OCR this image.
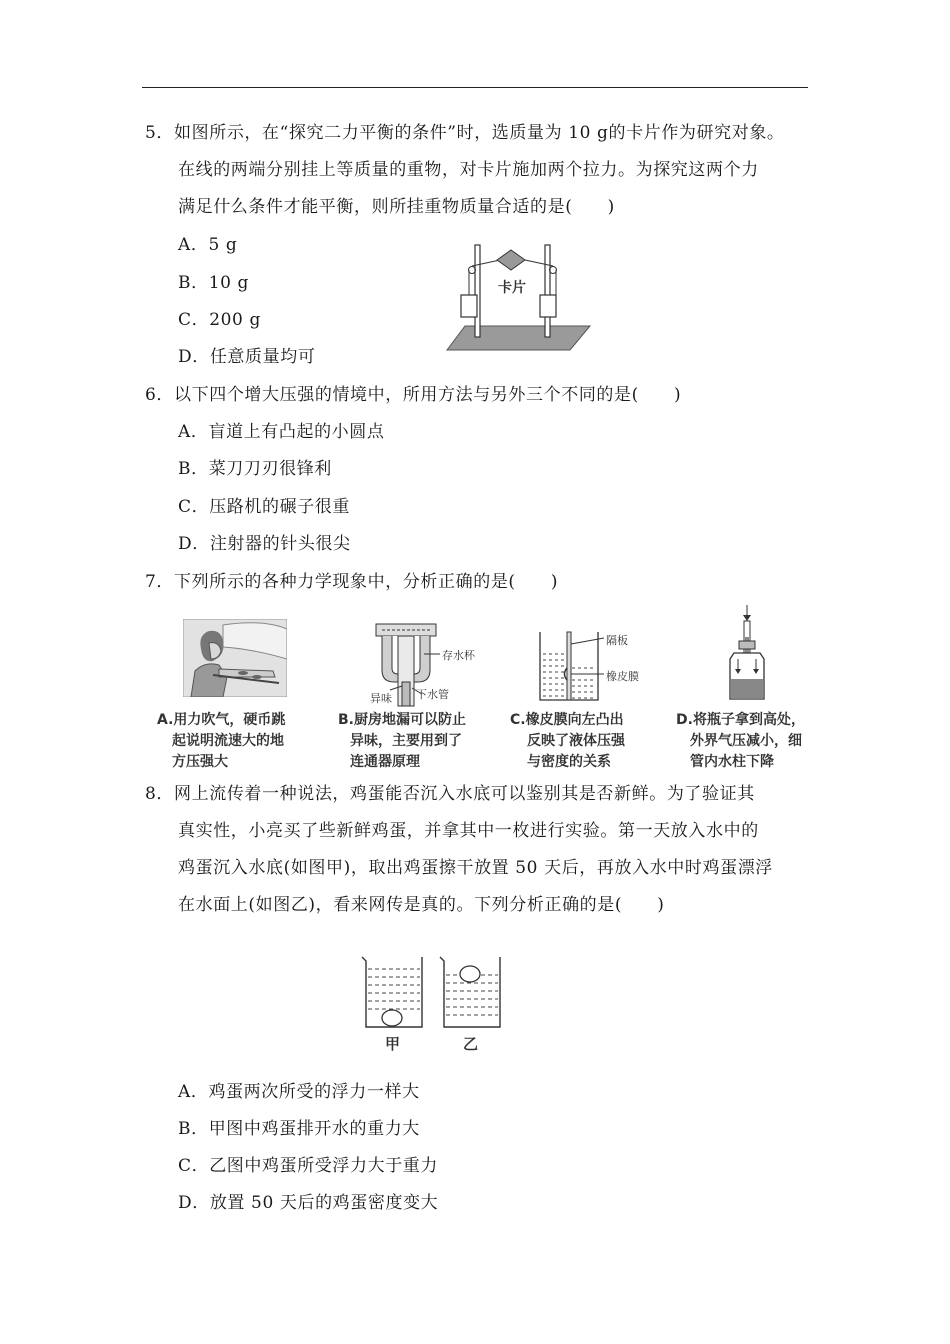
5．如图所示，在“探究二力平衡的条件”时，选质量为 10 g的卡片作为研究对象。
在线的两端分别挂上等质量的重物，对卡片施加两个拉力。为探究这两个力
满足什么条件才能平衡，则所挂重物质量合适的是(　　)
A．5 g
B．10 g
C．200 g
D．任意质量均可
卡片
6．以下四个增大压强的情境中，所用方法与另外三个不同的是(　　)
A．盲道上有凸起的小圆点
B．菜刀刀刃很锋利
C．压路机的碾子很重
D．注射器的针头很尖
7．下列所示的各种力学现象中，分析正确的是(　　)
A.用力吹气，硬币跳
起说明流速大的地
方压强大
存水杯
异味 下水管
B.厨房地漏可以防止
异味，主要用到了
连通器原理
隔板
橡皮膜
C.橡皮膜向左凸出
反映了液体压强
与密度的关系
D.将瓶子拿到高处，
外界气压减小，细
管内水柱下降
8．网上流传着一种说法，鸡蛋能否沉入水底可以鉴别其是否新鲜。为了验证其
真实性，小亮买了些新鲜鸡蛋，并拿其中一枚进行实验。第一天放入水中的
鸡蛋沉入水底(如图甲)，取出鸡蛋擦干放置 50 天后，再放入水中时鸡蛋漂浮
在水面上(如图乙)，看来网传是真的。下列分析正确的是(　　)
甲	乙
A．鸡蛋两次所受的浮力一样大
B．甲图中鸡蛋排开水的重力大
C．乙图中鸡蛋所受浮力大于重力
D．放置 50 天后的鸡蛋密度变大
